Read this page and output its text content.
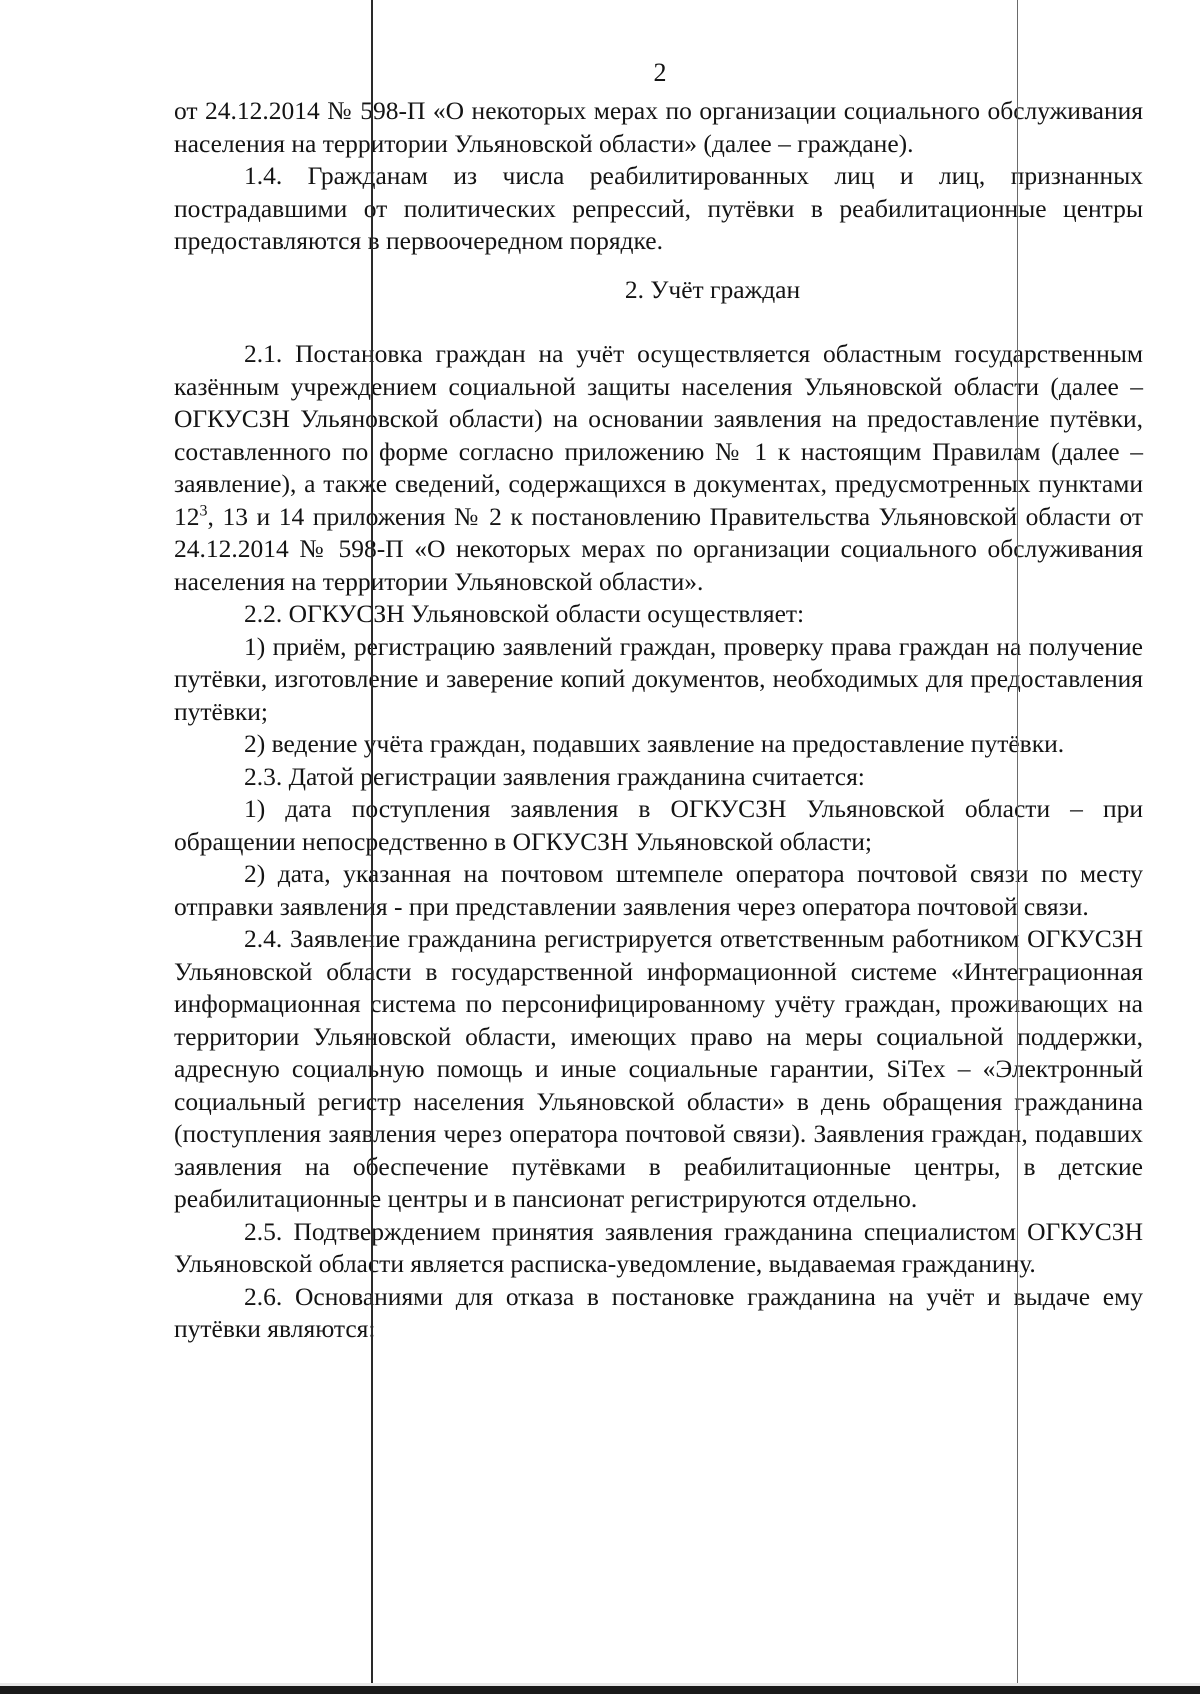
2

от 24.12.2014 № 598-П «О некоторых мерах по организации социального обслуживания населения на территории Ульяновской области» (далее – граждане).

1.4. Гражданам из числа реабилитированных лиц и лиц, признанных пострадавшими от политических репрессий, путёвки в реабилитационные центры предоставляются в первоочередном порядке.

2. Учёт граждан

2.1. Постановка граждан на учёт осуществляется областным государственным казённым учреждением социальной защиты населения Ульяновской области (далее – ОГКУСЗН Ульяновской области) на основании заявления на предоставление путёвки, составленного по форме согласно приложению № 1 к настоящим Правилам (далее – заявление), а также сведений, содержащихся в документах, предусмотренных пунктами $12^3$, 13 и 14 приложения № 2 к постановлению Правительства Ульяновской области от 24.12.2014 № 598-П «О некоторых мерах по организации социального обслуживания населения на территории Ульяновской области».

2.2. ОГКУСЗН Ульяновской области осуществляет:

1) приём, регистрацию заявлений граждан, проверку права граждан на получение путёвки, изготовление и заверение копий документов, необходимых для предоставления путёвки;

2) ведение учёта граждан, подавших заявление на предоставление путёвки.

2.3. Датой регистрации заявления гражданина считается:

1) дата поступления заявления в ОГКУСЗН Ульяновской области – при обращении непосредственно в ОГКУСЗН Ульяновской области;

2) дата, указанная на почтовом штемпеле оператора почтовой связи по месту отправки заявления - при представлении заявления через оператора почтовой связи.

2.4. Заявление гражданина регистрируется ответственным работником ОГКУСЗН Ульяновской области в государственной информационной системе «Интеграционная информационная система по персонифицированному учёту граждан, проживающих на территории Ульяновской области, имеющих право на меры социальной поддержки, адресную социальную помощь и иные социальные гарантии, SiTex – «Электронный социальный регистр населения Ульяновской области» в день обращения гражданина (поступления заявления через оператора почтовой связи). Заявления граждан, подавших заявления на обеспечение путёвками в реабилитационные центры, в детские реабилитационные центры и в пансионат регистрируются отдельно.

2.5. Подтверждением принятия заявления гражданина специалистом ОГКУСЗН Ульяновской области является расписка-уведомление, выдаваемая гражданину.

2.6. Основаниями для отказа в постановке гражданина на учёт и выдаче ему путёвки являются:
